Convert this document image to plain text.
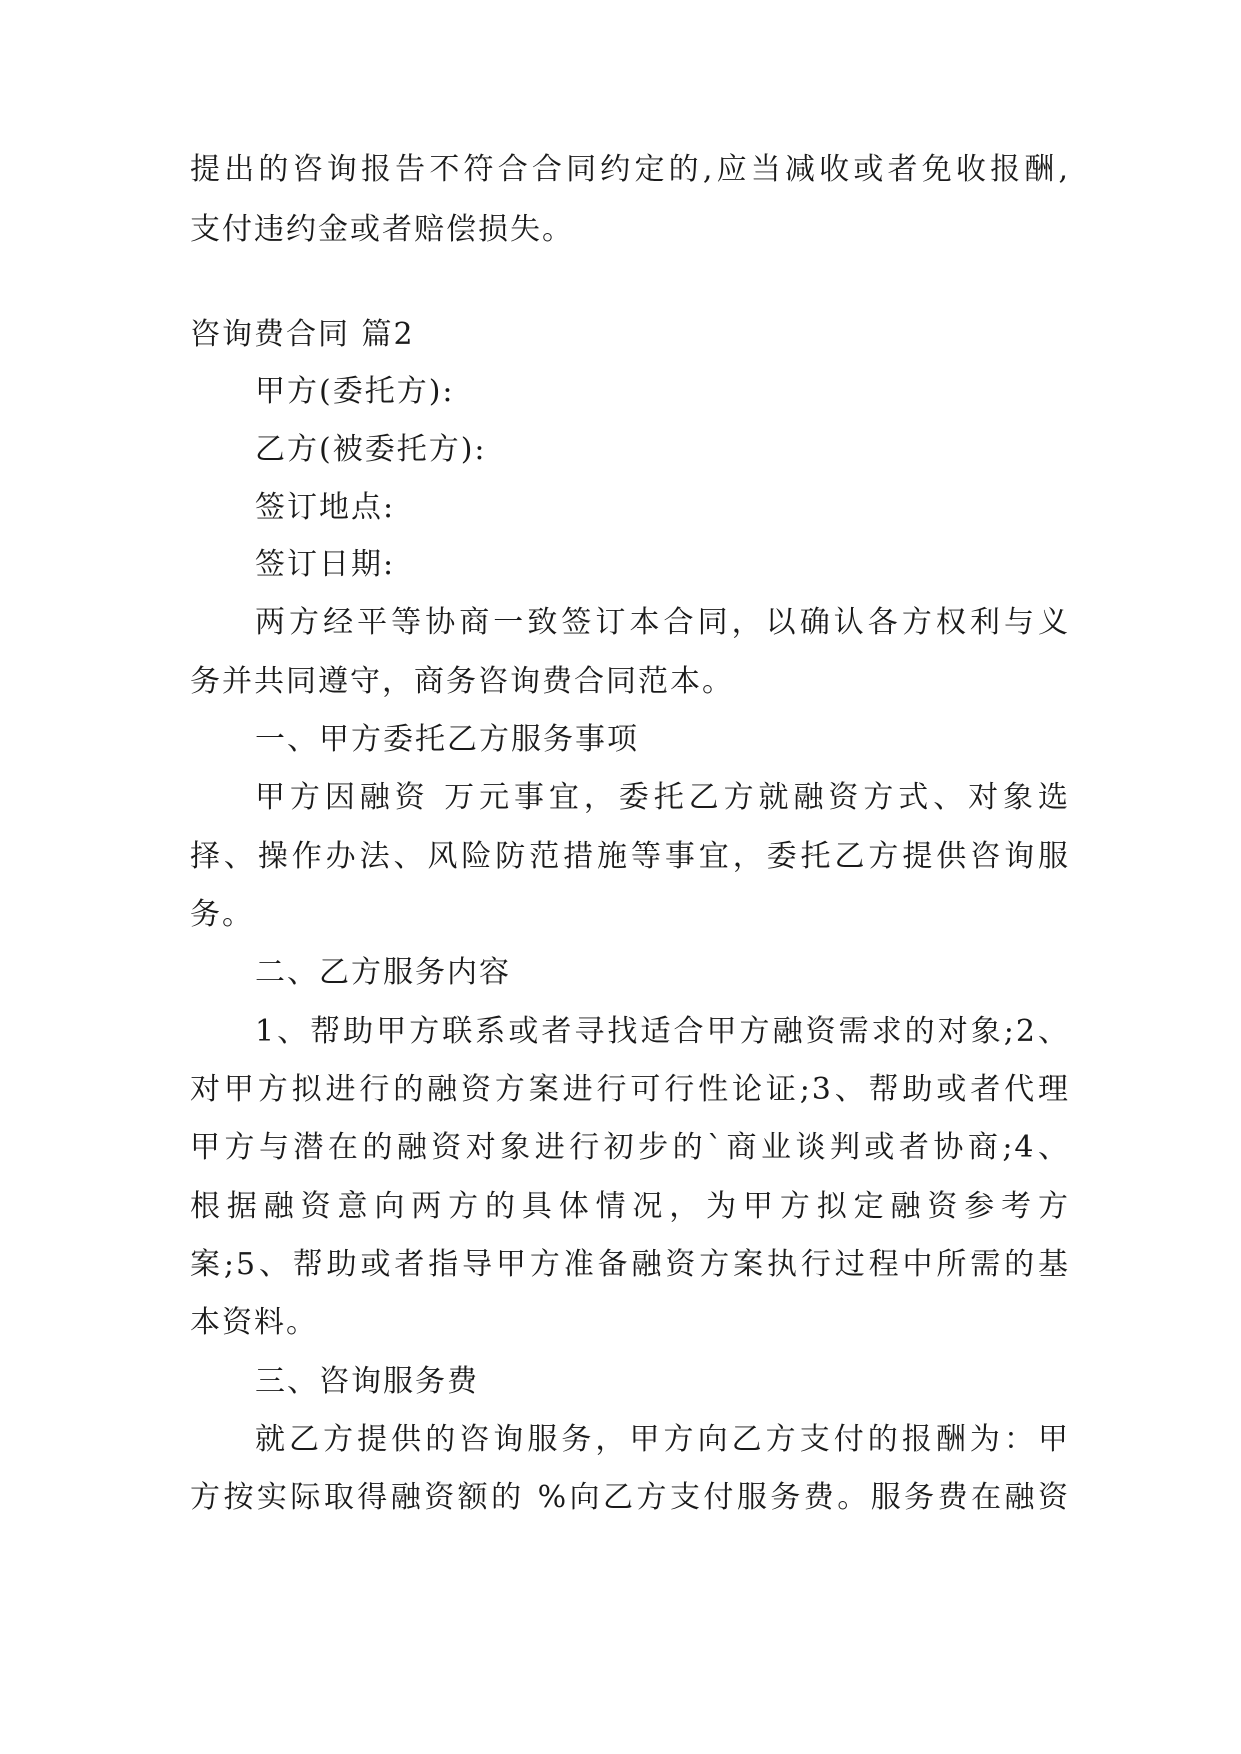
提出的咨询报告不符合合同约定的,应当减收或者免收报酬,
支付违约金或者赔偿损失。
咨询费合同 篇2
甲方(委托方):
乙方(被委托方):
签订地点:
签订日期:
两方经平等协商一致签订本合同，以确认各方权利与义
务并共同遵守，商务咨询费合同范本。
一、甲方委托乙方服务事项
甲方因融资 万元事宜，委托乙方就融资方式、对象选
择、操作办法、风险防范措施等事宜，委托乙方提供咨询服
务。
二、乙方服务内容
1、帮助甲方联系或者寻找适合甲方融资需求的对象;2、
对甲方拟进行的融资方案进行可行性论证;3、帮助或者代理
甲方与潜在的融资对象进行初步的`商业谈判或者协商;4、
根据融资意向两方的具体情况，为甲方拟定融资参考方
案;5、帮助或者指导甲方准备融资方案执行过程中所需的基
本资料。
三、咨询服务费
就乙方提供的咨询服务，甲方向乙方支付的报酬为：甲
方按实际取得融资额的 %向乙方支付服务费。服务费在融资
